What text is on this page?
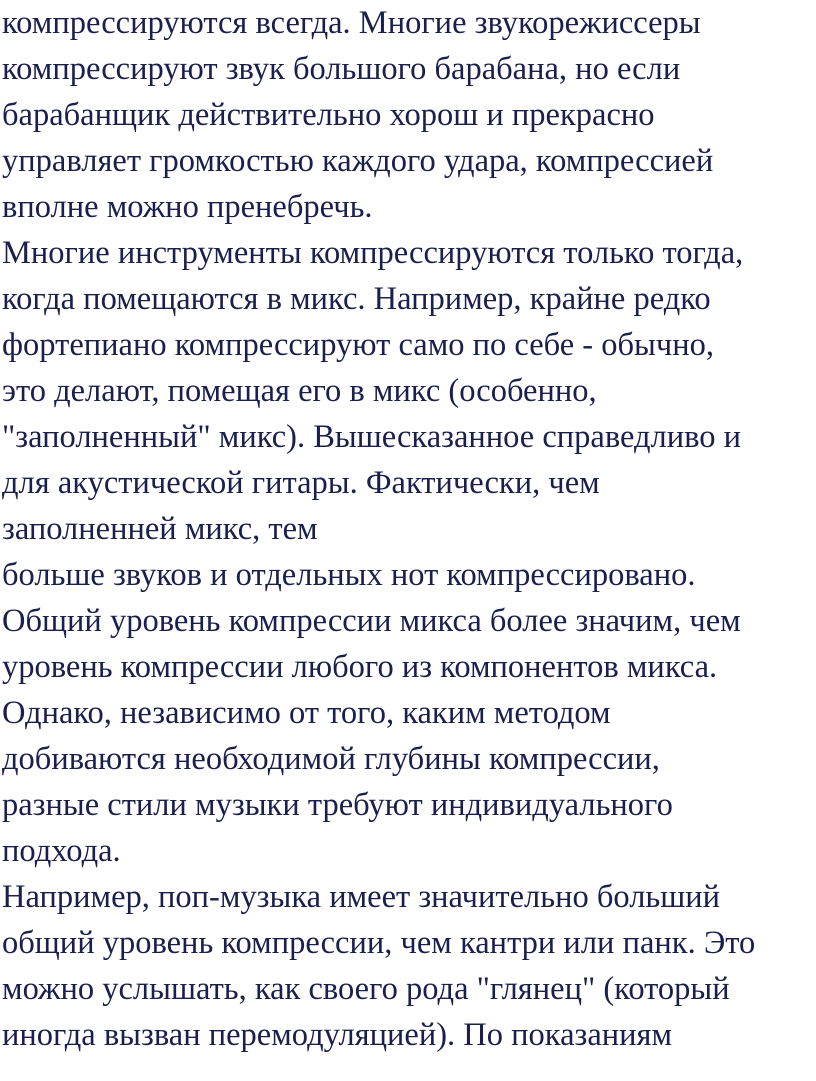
компрессируются всегда. Многие звукорежиссеры

компрессируют звук большого барабана, но если

барабанщик действительно хорош и прекрасно

управляет громкостью каждого удара, компрессией

вполне можно пренебречь.

Многие инструменты компрессируются только тогда,

когда помещаются в микс. Например, крайне редко

фортепиано компрессируют само по себе - обычно,

это делают, помещая его в микс (особенно,

"заполненный" микс). Вышесказанное справедливо и

для акустической гитары. Фактически, чем

заполненней микс, тем

больше звуков и отдельных нот компрессировано.

Общий уровень компрессии микса более значим, чем

уровень компрессии любого из компонентов микса.

Однако, независимо от того, каким методом

добиваются необходимой глубины компрессии,

разные стили музыки требуют индивидуального

подхода.

Например, поп-музыка имеет значительно больший

общий уровень компрессии, чем кантри или панк. Это

можно услышать, как своего рода "глянец" (который

иногда вызван перемодуляцией). По показаниям
